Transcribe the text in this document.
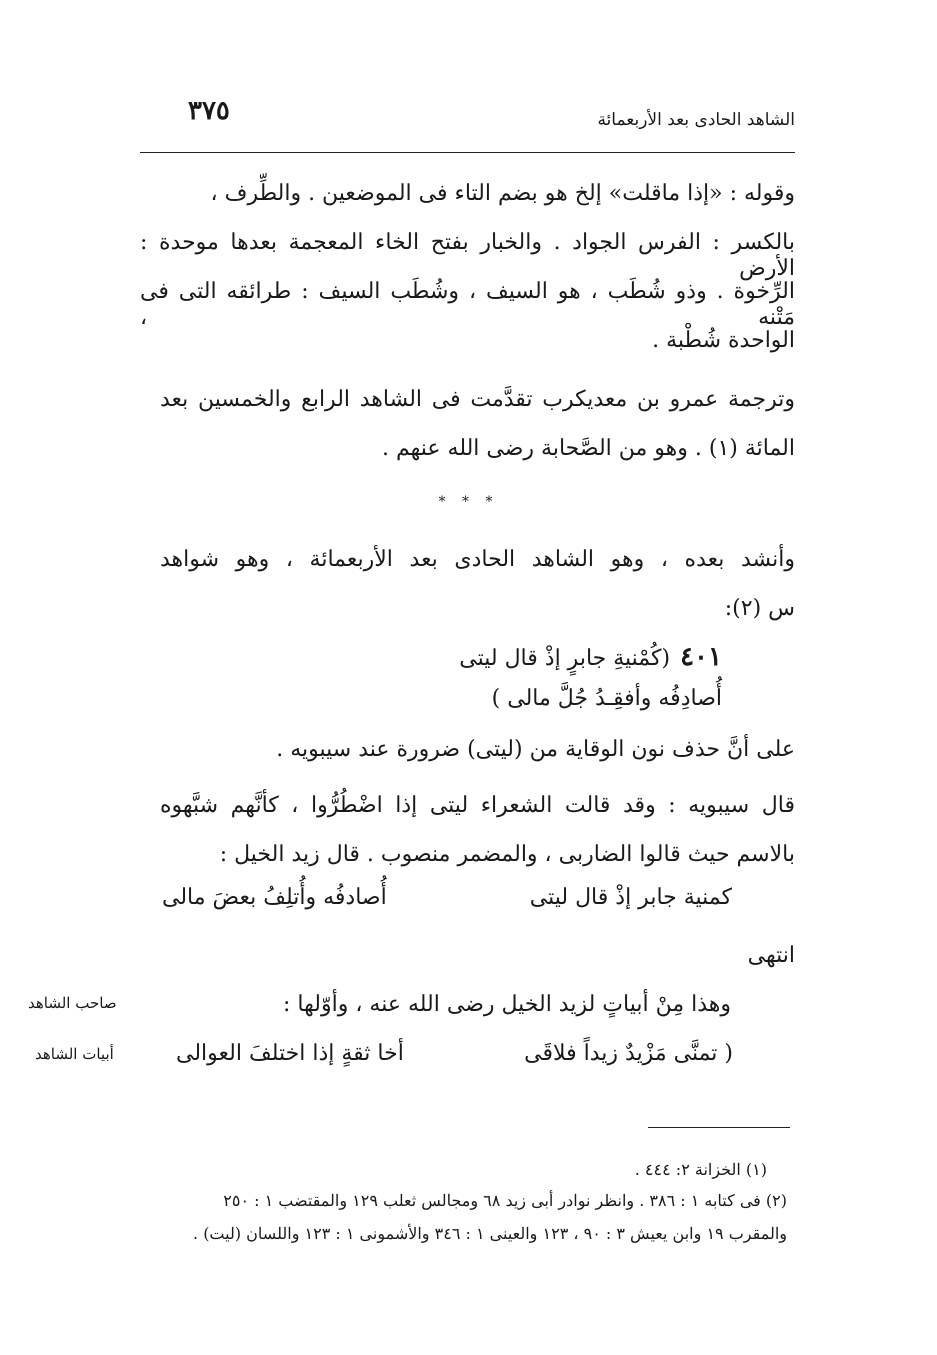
الشاهد الحادى بعد الأربعمائة
٣٧٥
وقوله : «إذا ماقلت» إلخ هو بضم التاء فى الموضعين . والطِّرف ،
بالكسر : الفرس الجواد . والخبار بفتح الخاء المعجمة بعدها موحدة : الأرض
الرِّخوة . وذو شُطَب ، هو السيف ، وشُطَب السيف : طرائقه التى فى مَتْنه ،
الواحدة شُطْبة .
وترجمة عمرو بن معديكرب تقدَّمت فى الشاهد الرابع والخمسين بعد
المائة (١) . وهو من الصَّحابة رضى الله عنهم .
* * *
وأنشد بعده ، وهو الشاهد الحادى بعد الأربعمائة ، وهو شواهد
س (٢):
٤٠١(كُمْنيةِ جابرٍ إذْ قال ليتى
أُصادِفُه وأفقِـدُ جُلَّ مالى )
على أنَّ حذف نون الوقاية من (ليتى) ضرورة عند سيبويه .
قال سيبويه : وقد قالت الشعراء ليتى إذا اضْطُرُّوا ، كأنَّهم شبَّهوه
بالاسم حيث قالوا الضاربى ، والمضمر منصوب . قال زيد الخيل :
كمنية جابر إذْ قال ليتى
أُصادفُه وأُتلِفُ بعضَ مالى
انتهى
وهذا مِنْ أبياتٍ لزيد الخيل رضى الله عنه ، وأوّلها :
( تمنَّى مَزْيدٌ زيداً فلاقَى
أخا ثقةٍ إذا اختلفَ العوالى
صاحب الشاهد
أبيات الشاهد
(١) الخزانة ٢: ٤٤٤ .
(٢) فى كتابه ١ : ٣٨٦ . وانظر نوادر أبى زيد ٦٨ ومجالس ثعلب ١٢٩ والمقتضب ١ : ٢٥٠
والمقرب ١٩ وابن يعيش ٣ : ٩٠ ، ١٢٣ والعينى ١ : ٣٤٦ والأشمونى ١ : ١٢٣ واللسان (ليت) .
